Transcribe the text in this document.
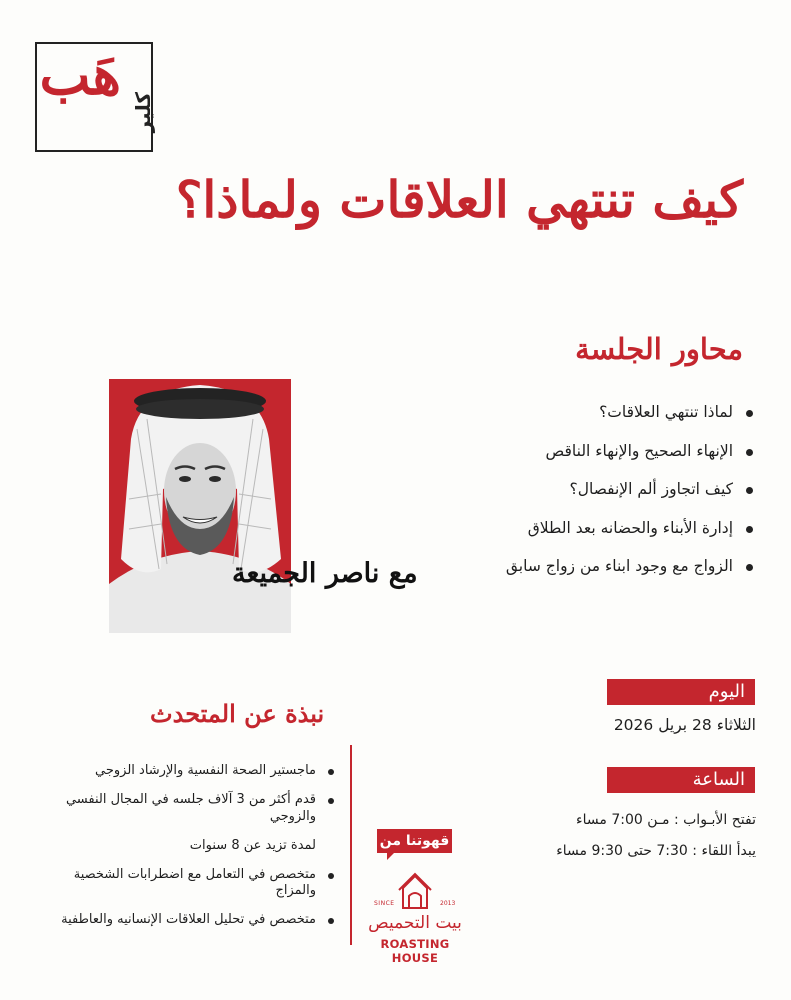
هَب
كلير
كيف تنتهي العلاقات ولماذا؟
محاور الجلسة
لماذا تنتهي العلاقات؟
الإنهاء الصحيح والإنهاء الناقص
كيف اتجاوز ألم الإنفصال؟
إدارة الأبناء والحضانه بعد الطلاق
الزواج مع وجود ابناء من زواج سابق
مع ناصر الجميعة
اليوم
الثلاثاء 28 بريل 2026
الساعة
تفتح الأبـواب : مـن 7:00 مساء
يبدأ اللقاء : 7:30 حتى 9:30 مساء
نبذة عن المتحدث
ماجستير الصحة النفسية والإرشاد الزوجي
قدم أكثر من 3 آلاف جلسه في المجال النفسي والزوجي
لمدة تزيد عن 8 سنوات
متخصص في التعامل مع اضطرابات الشخصية والمزاج
متخصص في تحليل العلاقات الإنسانيه والعاطفية
قهوتنا من
SINCE	2013
بيت التحميص
ROASTING HOUSE
